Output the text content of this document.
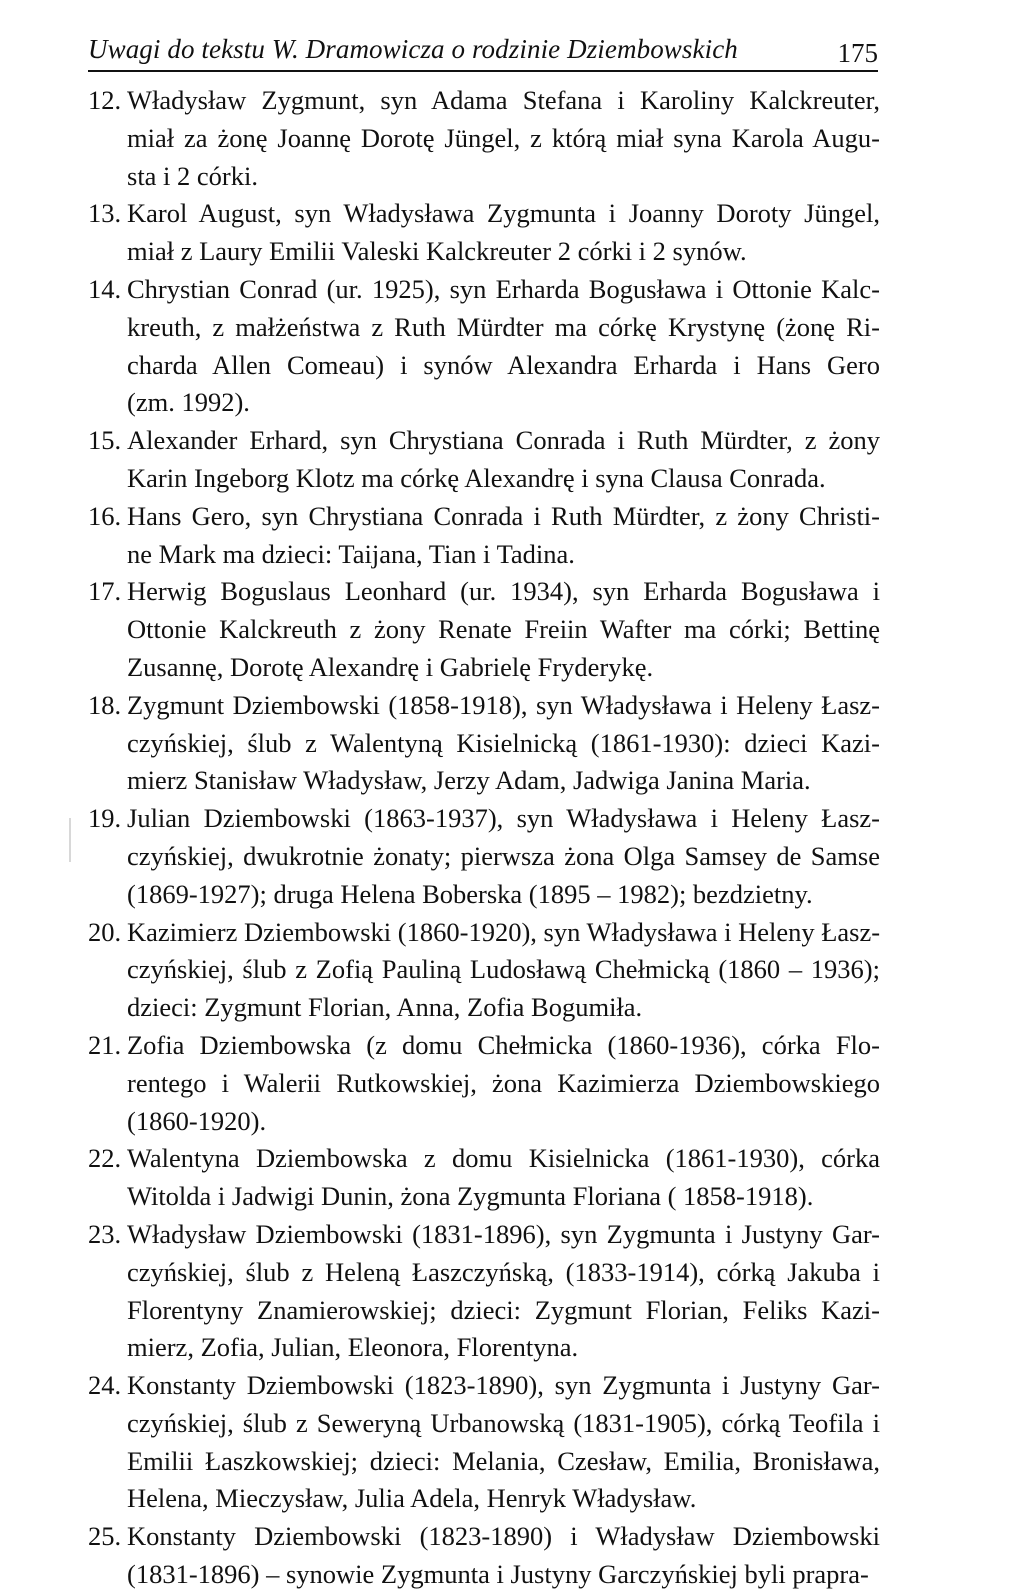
Uwagi do tekstu W. Dramowicza o rodzinie Dziembowskich	175
12. Władysław Zygmunt, syn Adama Stefana i Karoliny Kalckreuter,
miał za żonę Joannę Dorotę Jüngel, z którą miał syna Karola Augu-
sta i 2 córki.
13. Karol August, syn Władysława Zygmunta i Joanny Doroty Jüngel,
miał z Laury Emilii Valeski Kalckreuter 2 córki i 2 synów.
14. Chrystian Conrad (ur. 1925), syn Erharda Bogusława i Ottonie Kalc-
kreuth, z małżeństwa z Ruth Mürdter ma córkę Krystynę (żonę Ri-
charda Allen Comeau) i synów Alexandra Erharda i Hans Gero
(zm. 1992).
15. Alexander Erhard, syn Chrystiana Conrada i Ruth Mürdter, z żony
Karin Ingeborg Klotz ma córkę Alexandrę i syna Clausa Conrada.
16. Hans Gero, syn Chrystiana Conrada i Ruth Mürdter, z żony Christi-
ne Mark ma dzieci: Taijana, Tian i Tadina.
17. Herwig Boguslaus Leonhard (ur. 1934), syn Erharda Bogusława i
Ottonie Kalckreuth z żony Renate Freiin Wafter ma córki; Bettinę
Zusannę, Dorotę Alexandrę i Gabrielę Fryderykę.
18. Zygmunt Dziembowski (1858-1918), syn Władysława i Heleny Łasz-
czyńskiej, ślub z Walentyną Kisielnicką (1861-1930): dzieci Kazi-
mierz Stanisław Władysław, Jerzy Adam, Jadwiga Janina Maria.
19. Julian Dziembowski (1863-1937), syn Władysława i Heleny Łasz-
czyńskiej, dwukrotnie żonaty; pierwsza żona Olga Samsey de Samse
(1869-1927); druga Helena Boberska (1895 – 1982); bezdzietny.
20. Kazimierz Dziembowski (1860-1920), syn Władysława i Heleny Łasz-
czyńskiej, ślub z Zofią Pauliną Ludosławą Chełmicką (1860 – 1936);
dzieci: Zygmunt Florian, Anna, Zofia Bogumiła.
21. Zofia Dziembowska (z domu Chełmicka (1860-1936), córka Flo-
rentego i Walerii Rutkowskiej, żona Kazimierza Dziembowskiego
(1860-1920).
22. Walentyna Dziembowska z domu Kisielnicka (1861-1930), córka
Witolda i Jadwigi Dunin, żona Zygmunta Floriana ( 1858-1918).
23. Władysław Dziembowski (1831-1896), syn Zygmunta i Justyny Gar-
czyńskiej, ślub z Heleną Łaszczyńską, (1833-1914), córką Jakuba i
Florentyny Znamierowskiej; dzieci: Zygmunt Florian, Feliks Kazi-
mierz, Zofia, Julian, Eleonora, Florentyna.
24. Konstanty Dziembowski (1823-1890), syn Zygmunta i Justyny Gar-
czyńskiej, ślub z Seweryną Urbanowską (1831-1905), córką Teofila i
Emilii Łaszkowskiej; dzieci: Melania, Czesław, Emilia, Bronisława,
Helena, Mieczysław, Julia Adela, Henryk Władysław.
25. Konstanty Dziembowski (1823-1890) i Władysław Dziembowski
(1831-1896) – synowie Zygmunta i Justyny Garczyńskiej byli prapra-
